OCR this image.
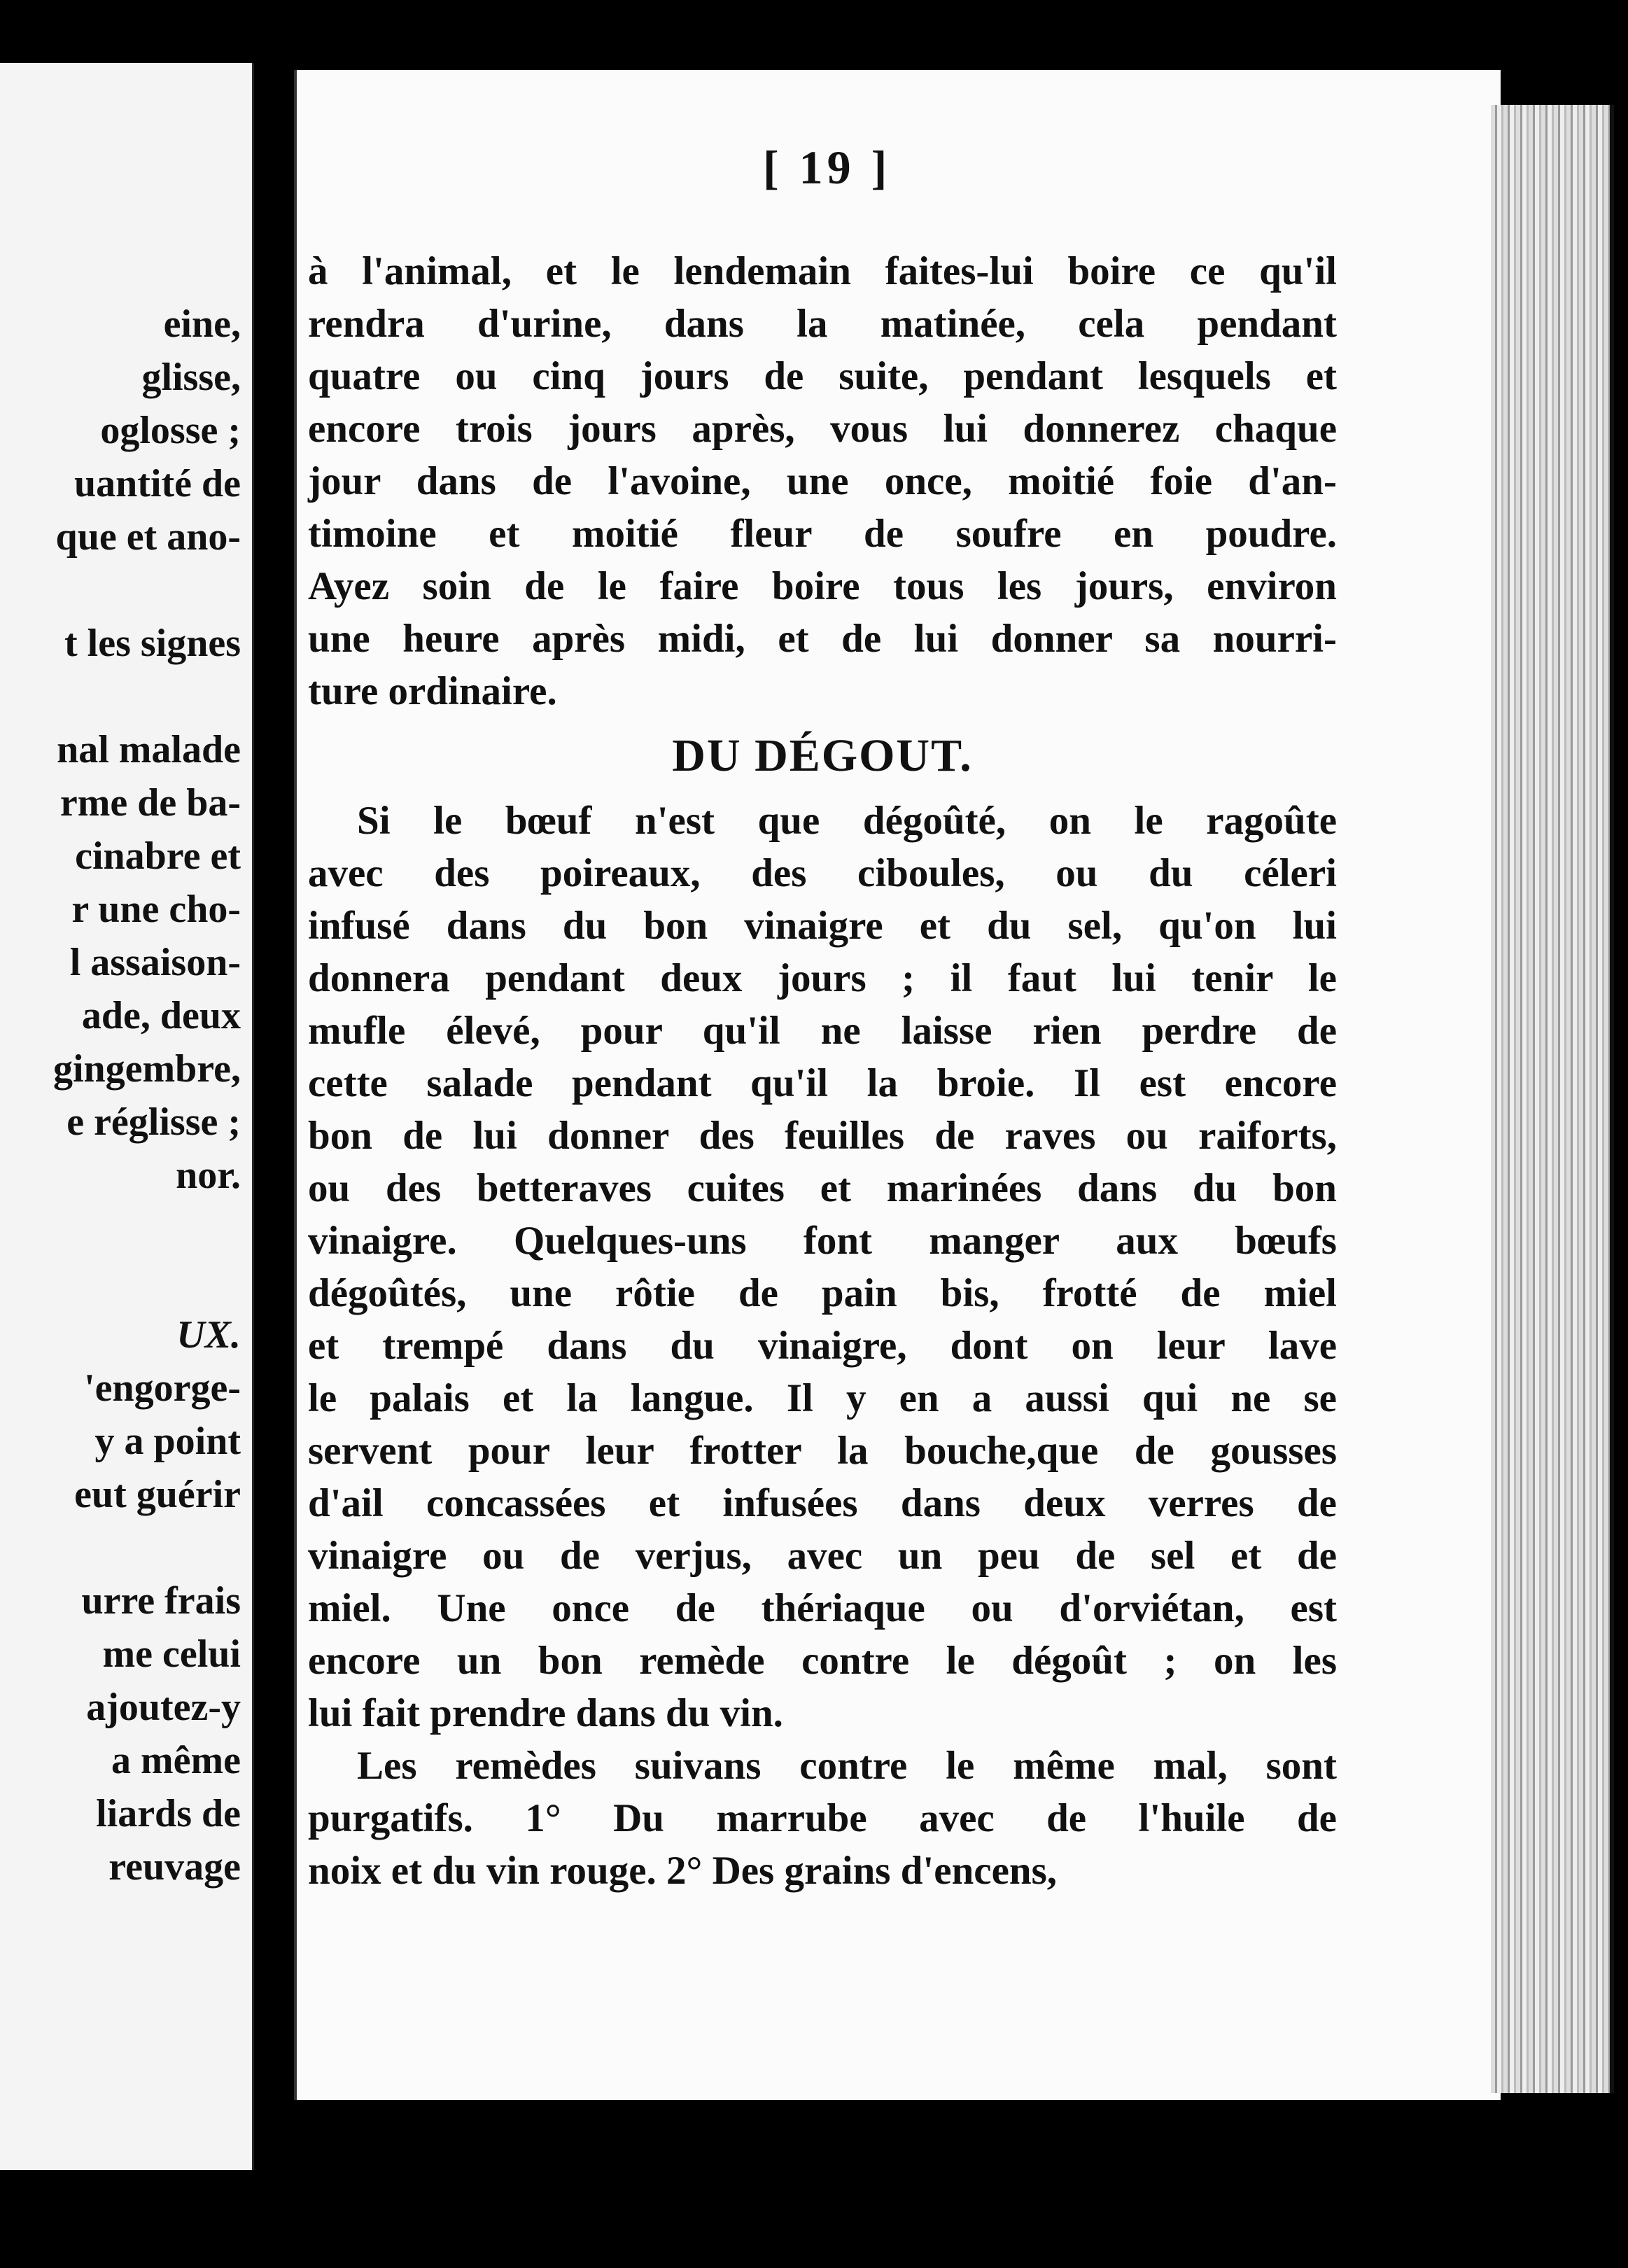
eine,
glisse,
oglosse ;
uantité de
que et ano-
t les signes
nal malade
rme de ba-
cinabre et
r une cho-
l assaison-
ade, deux
gingembre,
e réglisse ;
nor.
UX.
'engorge-
y a point
eut guérir
urre frais
me celui
ajoutez-y
a même
liards de
reuvage
[ 19 ]
à l'animal, et le lendemain faites-lui boire ce qu'il
rendra d'urine, dans la matinée, cela pendant
quatre ou cinq jours de suite, pendant lesquels et
encore trois jours après, vous lui donnerez chaque
jour dans de l'avoine, une once, moitié foie d'an-
timoine et moitié fleur de soufre en poudre.
Ayez soin de le faire boire tous les jours, environ
une heure après midi, et de lui donner sa nourri-
ture ordinaire.
DU DÉGOUT.
Si le bœuf n'est que dégoûté, on le ragoûte
avec des poireaux, des ciboules, ou du céleri
infusé dans du bon vinaigre et du sel, qu'on lui
donnera pendant deux jours ; il faut lui tenir le
mufle élevé, pour qu'il ne laisse rien perdre de
cette salade pendant qu'il la broie. Il est encore
bon de lui donner des feuilles de raves ou raiforts,
ou des betteraves cuites et marinées dans du bon
vinaigre. Quelques-uns font manger aux bœufs
dégoûtés, une rôtie de pain bis, frotté de miel
et trempé dans du vinaigre, dont on leur lave
le palais et la langue. Il y en a aussi qui ne se
servent pour leur frotter la bouche,que de gousses
d'ail concassées et infusées dans deux verres de
vinaigre ou de verjus, avec un peu de sel et de
miel. Une once de thériaque ou d'orviétan, est
encore un bon remède contre le dégoût ; on les
lui fait prendre dans du vin.
Les remèdes suivans contre le même mal, sont
purgatifs. 1° Du marrube avec de l'huile de
noix et du vin rouge. 2° Des grains d'encens,
